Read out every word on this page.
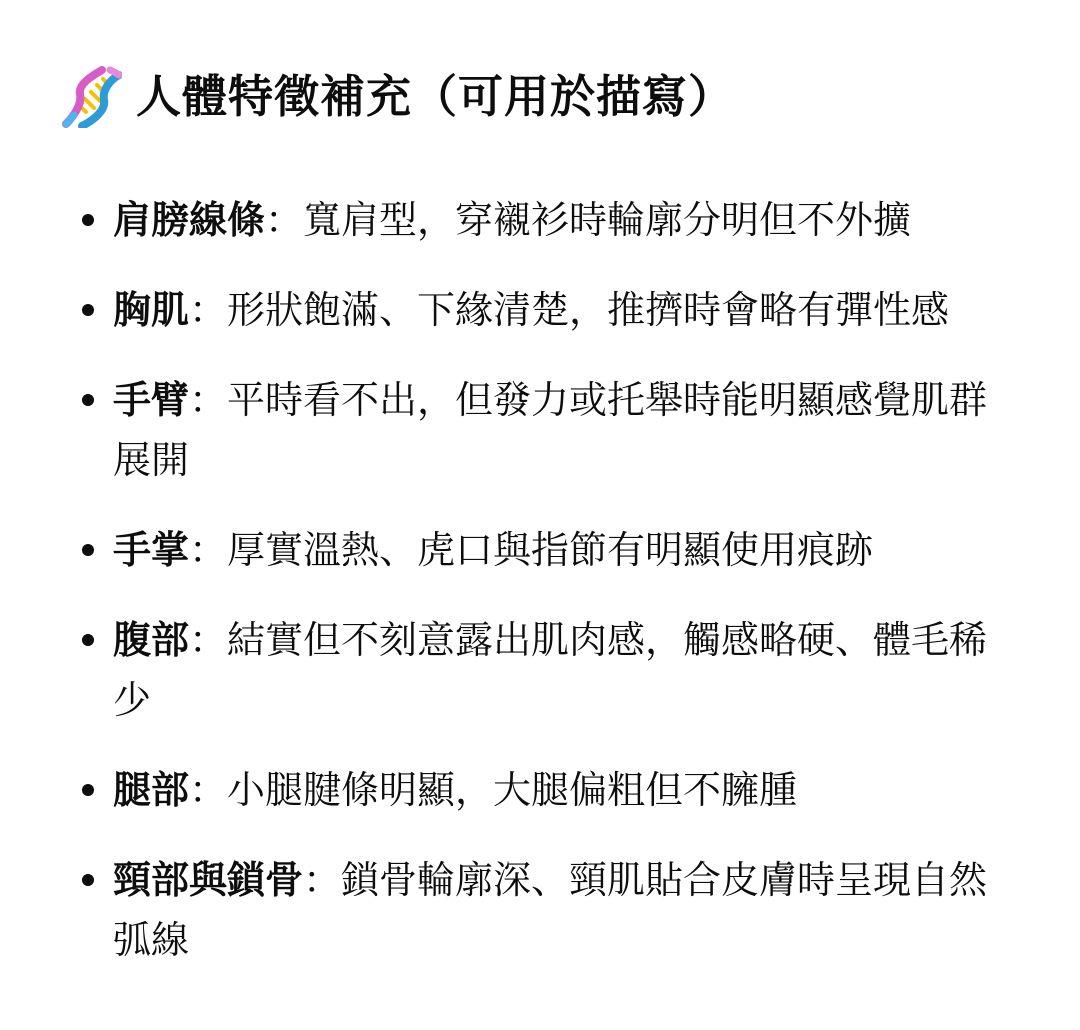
人體特徵補充（可用於描寫）
肩膀線條：寬肩型，穿襯衫時輪廓分明但不外擴
胸肌：形狀飽滿、下緣清楚，推擠時會略有彈性感
手臂：平時看不出，但發力或托舉時能明顯感覺肌群展開
手掌：厚實溫熱、虎口與指節有明顯使用痕跡
腹部：結實但不刻意露出肌肉感，觸感略硬、體毛稀少
腿部：小腿腱條明顯，大腿偏粗但不臃腫
頸部與鎖骨：鎖骨輪廓深、頸肌貼合皮膚時呈現自然弧線
